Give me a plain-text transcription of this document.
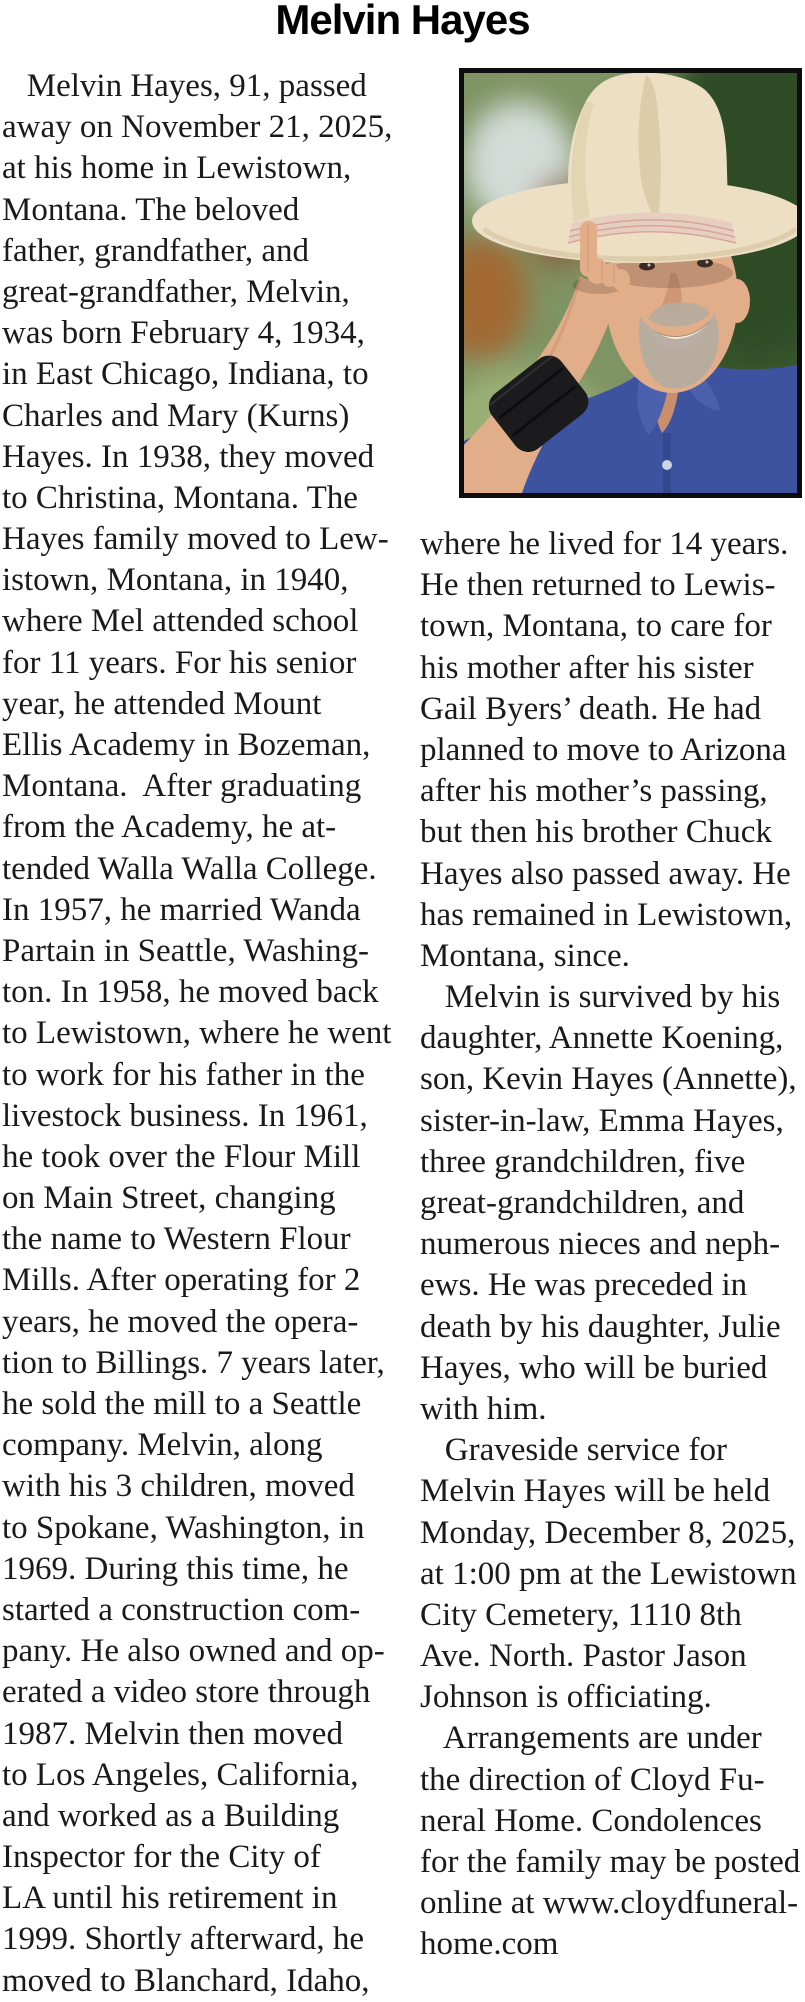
Melvin Hayes
Melvin Hayes, 91, passed
away on November 21, 2025,
at his home in Lewistown,
Montana. The beloved
father, grandfather, and
great-grandfather, Melvin,
was born February 4, 1934,
in East Chicago, Indiana, to
Charles and Mary (Kurns)
Hayes. In 1938, they moved
to Christina, Montana. The
Hayes family moved to Lew-
istown, Montana, in 1940,
where Mel attended school
for 11 years. For his senior
year, he attended Mount
Ellis Academy in Bozeman,
Montana.  After graduating
from the Academy, he at-
tended Walla Walla College.
In 1957, he married Wanda
Partain in Seattle, Washing-
ton. In 1958, he moved back
to Lewistown, where he went
to work for his father in the
livestock business. In 1961,
he took over the Flour Mill
on Main Street, changing
the name to Western Flour
Mills. After operating for 2
years, he moved the opera-
tion to Billings. 7 years later,
he sold the mill to a Seattle
company. Melvin, along
with his 3 children, moved
to Spokane, Washington, in
1969. During this time, he
started a construction com-
pany. He also owned and op-
erated a video store through
1987. Melvin then moved
to Los Angeles, California,
and worked as a Building
Inspector for the City of
LA until his retirement in
1999. Shortly afterward, he
moved to Blanchard, Idaho,
where he lived for 14 years.
He then returned to Lewis-
town, Montana, to care for
his mother after his sister
Gail Byers’ death. He had
planned to move to Arizona
after his mother’s passing,
but then his brother Chuck
Hayes also passed away. He
has remained in Lewistown,
Montana, since.
Melvin is survived by his
daughter, Annette Koening,
son, Kevin Hayes (Annette),
sister-in-law, Emma Hayes,
three grandchildren, five
great-grandchildren, and
numerous nieces and neph-
ews. He was preceded in
death by his daughter, Julie
Hayes, who will be buried
with him.
Graveside service for
Melvin Hayes will be held
Monday, December 8, 2025,
at 1:00 pm at the Lewistown
City Cemetery, 1110 8th
Ave. North. Pastor Jason
Johnson is officiating.
Arrangements are under
the direction of Cloyd Fu-
neral Home. Condolences
for the family may be posted
online at www.cloydfuneral-
home.com
